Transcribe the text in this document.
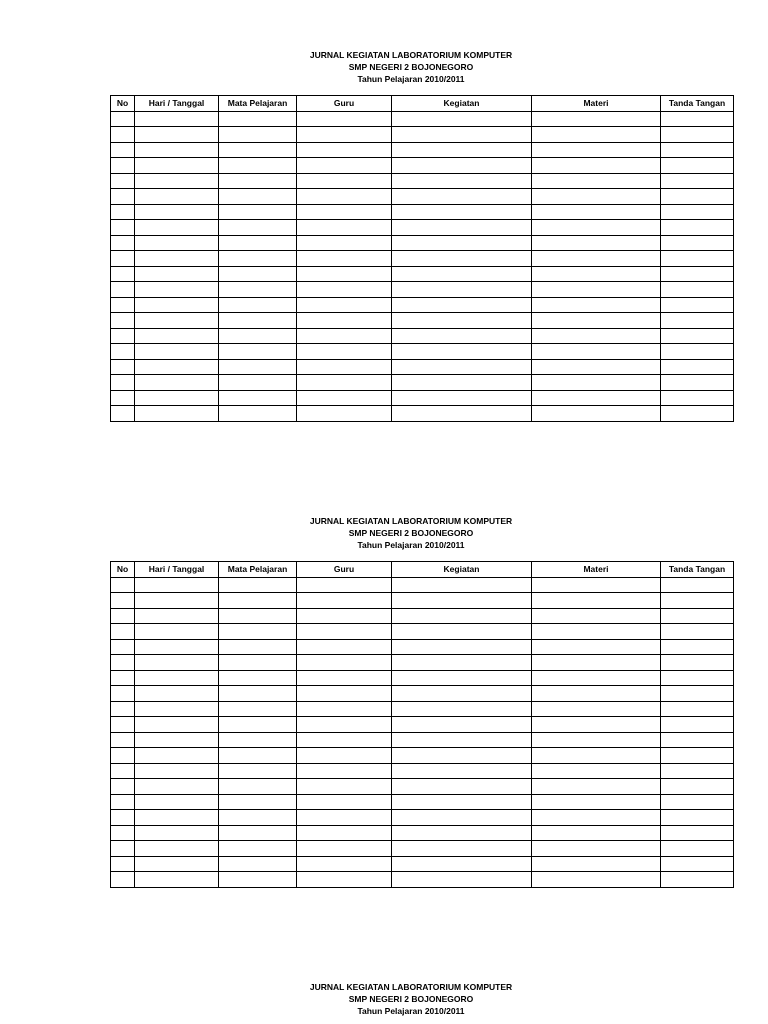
JURNAL KEGIATAN LABORATORIUM KOMPUTER
SMP NEGERI 2 BOJONEGORO
Tahun Pelajaran 2010/2011
No	Hari / Tanggal	Mata Pelajaran	Guru	Kegiatan	Materi	Tanda Tangan

JURNAL KEGIATAN LABORATORIUM KOMPUTER
SMP NEGERI 2 BOJONEGORO
Tahun Pelajaran 2010/2011
No	Hari / Tanggal	Mata Pelajaran	Guru	Kegiatan	Materi	Tanda Tangan

JURNAL KEGIATAN LABORATORIUM KOMPUTER
SMP NEGERI 2 BOJONEGORO
Tahun Pelajaran 2010/2011
